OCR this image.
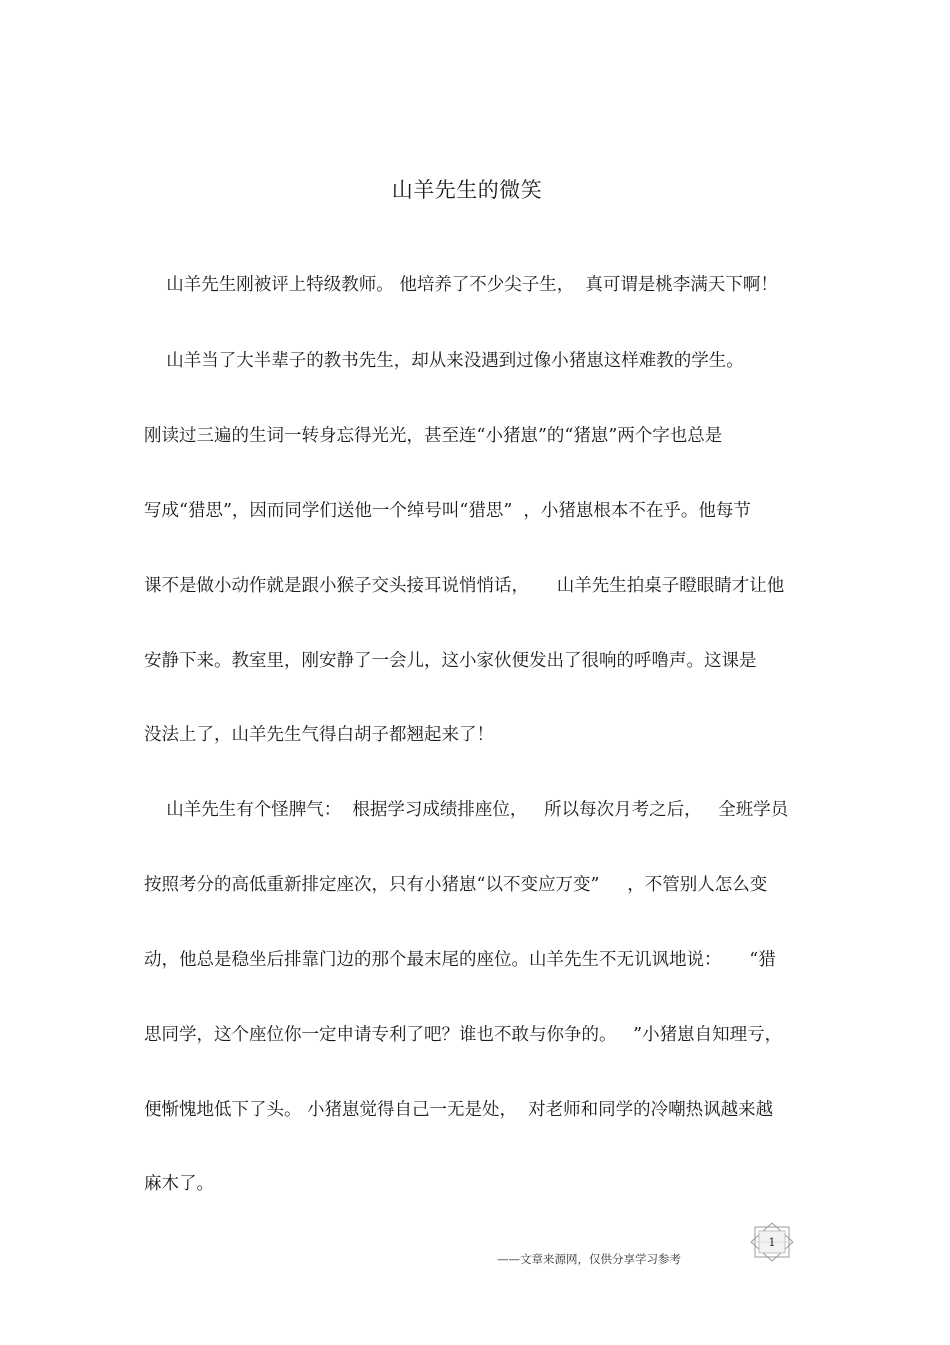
山羊先生的微笑
山羊先生刚被评上特级教师。 他培养了不少尖子生，  真可谓是桃李满天下啊！
山羊当了大半辈子的教书先生，却从来没遇到过像小猪崽这样难教的学生。
刚读过三遍的生词一转身忘得光光，甚至连“小猪崽”的“猪崽”两个字也总是
写成“猎思”，因而同学们送他一个绰号叫“猎思”  ，小猪崽根本不在乎。他每节
课不是做小动作就是跟小猴子交头接耳说悄悄话，     山羊先生拍桌子瞪眼睛才让他
安静下来。教室里，刚安静了一会儿，这小家伙便发出了很响的呼噜声。这课是
没法上了，山羊先生气得白胡子都翘起来了！
山羊先生有个怪脾气：  根据学习成绩排座位，   所以每次月考之后，   全班学员
按照考分的高低重新排定座次，只有小猪崽“以不变应万变”     ，不管别人怎么变
动，他总是稳坐后排靠门边的那个最末尾的座位。山羊先生不无讥讽地说：     “猎
思同学，这个座位你一定申请专利了吧？谁也不敢与你争的。   ”小猪崽自知理亏，
便惭愧地低下了头。 小猪崽觉得自己一无是处，  对老师和同学的冷嘲热讽越来越
麻木了。
——文章来源网，仅供分享学习参考
1
